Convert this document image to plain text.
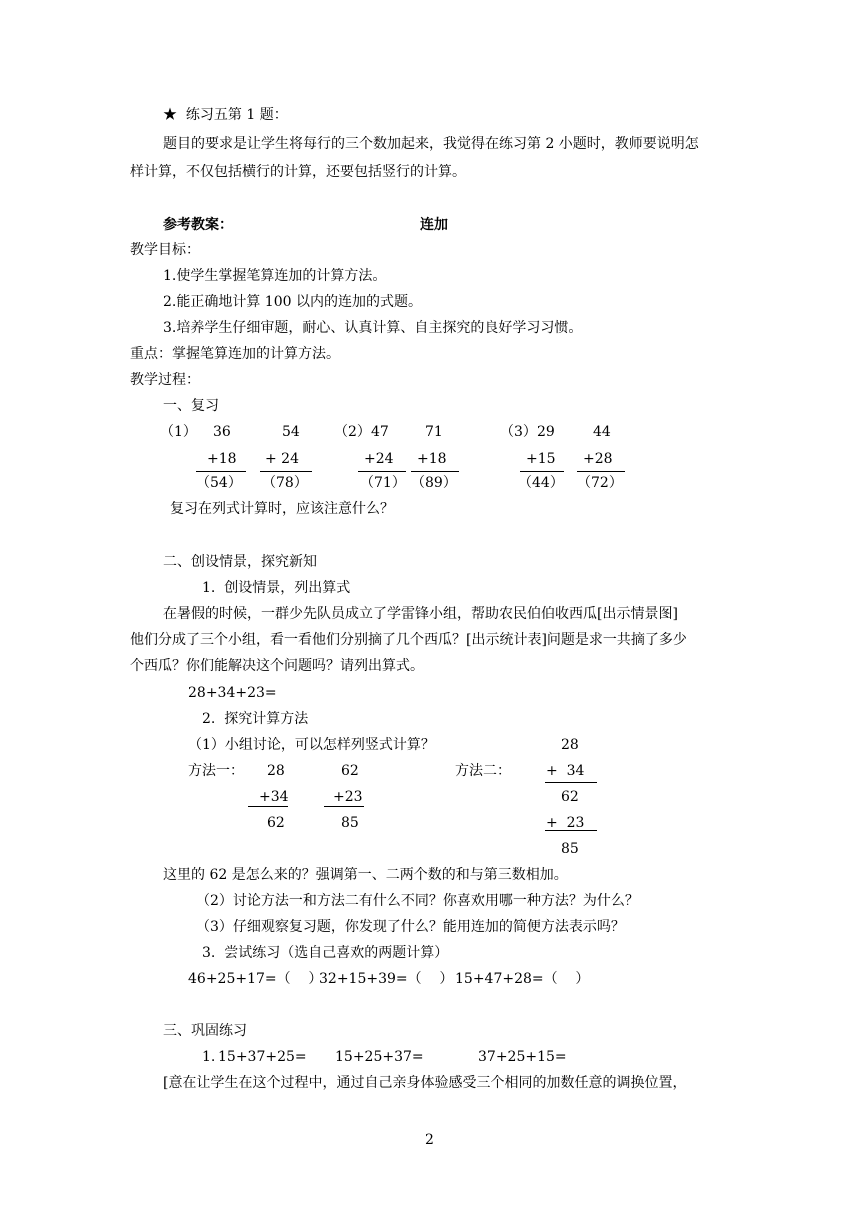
★  练习五第 1 题：
题目的要求是让学生将每行的三个数加起来，我觉得在练习第 2 小题时，教师要说明怎
样计算，不仅包括横行的计算，还要包括竖行的计算。
参考教案：	连加
教学目标：
1.使学生掌握笔算连加的计算方法。
2.能正确地计算 100 以内的连加的式题。
3.培养学生仔细审题，耐心、认真计算、自主探究的良好学习习惯。
重点：掌握笔算连加的计算方法。
教学过程：
一、复习
（1）	（2）	（3）
36	54	47	71	29	44
+18 + 24	+24 +18	+15 +28
（54） （78）	（71） （89）	（44） （72）
复习在列式计算时，应该注意什么？
二、创设情景，探究新知
1.  创设情景，列出算式
在暑假的时候，一群少先队员成立了学雷锋小组，帮助农民伯伯收西瓜[出示情景图]
他们分成了三个小组，看一看他们分别摘了几个西瓜？[出示统计表]问题是求一共摘了多少
个西瓜？你们能解决这个问题吗？请列出算式。
28+34+23=
2.  探究计算方法
（1）小组讨论，可以怎样列竖式计算？
方法一： 28	62
+34	+23
62	85
方法二：
28
+  34
62
+  23
85
这里的 62 是怎么来的？强调第一、二两个数的和与第三数相加。
（2）讨论方法一和方法二有什么不同？你喜欢用哪一种方法？为什么？
（3）仔细观察复习题，你发现了什么？能用连加的简便方法表示吗？
3.  尝试练习（选自己喜欢的两题计算）
46+25+17=（    ）
32+15+39=（    ） 15+47+28=（    ）
三、巩固练习
1. 15+37+25= 15+25+37=	37+25+15=
[意在让学生在这个过程中，通过自己亲身体验感受三个相同的加数任意的调换位置，
2
